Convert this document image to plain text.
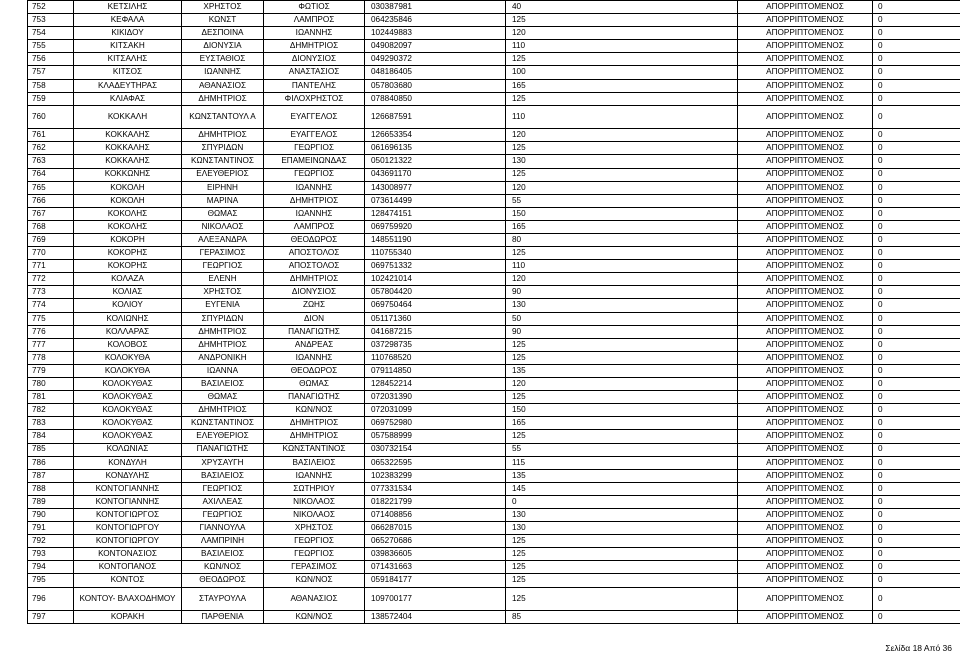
752	ΚΕΤΣΙΛΗΣ	ΧΡΗΣΤΟΣ	ΦΩΤΙΟΣ	030387981	40	ΑΠΟΡΡΙΠΤΟΜΕΝΟΣ	0
753	ΚΕΦΑΛΑ	ΚΩΝΣΤ	ΛΑΜΠΡΟΣ	064235846	125	ΑΠΟΡΡΙΠΤΟΜΕΝΟΣ	0
754	ΚΙΚΙΔΟΥ	ΔΕΣΠΟΙΝΑ	ΙΩΑΝΝΗΣ	102449883	120	ΑΠΟΡΡΙΠΤΟΜΕΝΟΣ	0
755	ΚΙΤΣΑΚΗ	ΔΙΟΝΥΣΙΑ	ΔΗΜΗΤΡΙΟΣ	049082097	110	ΑΠΟΡΡΙΠΤΟΜΕΝΟΣ	0
756	ΚΙΤΣΑΛΗΣ	ΕΥΣΤΑΘΙΟΣ	ΔΙΟΝΥΣΙΟΣ	049290372	125	ΑΠΟΡΡΙΠΤΟΜΕΝΟΣ	0
757	ΚΙΤΣΟΣ	ΙΩΑΝΝΗΣ	ΑΝΑΣΤΑΣΙΟΣ	048186405	100	ΑΠΟΡΡΙΠΤΟΜΕΝΟΣ	0
758	ΚΛΑΔΕΥΤΗΡΑΣ	ΑΘΑΝΑΣΙΟΣ	ΠΑΝΤΕΛΗΣ	057803680	165	ΑΠΟΡΡΙΠΤΟΜΕΝΟΣ	0
759	ΚΛΙΑΦΑΣ	ΔΗΜΗΤΡΙΟΣ	ΦΙΛΟΧΡΗΣΤΟΣ	078840850	125	ΑΠΟΡΡΙΠΤΟΜΕΝΟΣ	0
760	ΚΟΚΚΑΛΗ	ΚΩΝΣΤΑΝΤΟΥΛ Α	ΕΥΑΓΓΕΛΟΣ	126687591	110	ΑΠΟΡΡΙΠΤΟΜΕΝΟΣ	0
761	ΚΟΚΚΑΛΗΣ	ΔΗΜΗΤΡΙΟΣ	ΕΥΑΓΓΕΛΟΣ	126653354	120	ΑΠΟΡΡΙΠΤΟΜΕΝΟΣ	0
762	ΚΟΚΚΑΛΗΣ	ΣΠΥΡΙΔΩΝ	ΓΕΩΡΓΙΟΣ	061696135	125	ΑΠΟΡΡΙΠΤΟΜΕΝΟΣ	0
763	ΚΟΚΚΑΛΗΣ	ΚΩΝΣΤΑΝΤΙΝΟΣ	ΕΠΑΜΕΙΝΩΝΔΑΣ	050121322	130	ΑΠΟΡΡΙΠΤΟΜΕΝΟΣ	0
764	ΚΟΚΚΩΝΗΣ	ΕΛΕΥΘΕΡΙΟΣ	ΓΕΩΡΓΙΟΣ	043691170	125	ΑΠΟΡΡΙΠΤΟΜΕΝΟΣ	0
765	ΚΟΚΟΛΗ	ΕΙΡΗΝΗ	ΙΩΑΝΝΗΣ	143008977	120	ΑΠΟΡΡΙΠΤΟΜΕΝΟΣ	0
766	ΚΟΚΟΛΗ	ΜΑΡΙΝΑ	ΔΗΜΗΤΡΙΟΣ	073614499	55	ΑΠΟΡΡΙΠΤΟΜΕΝΟΣ	0
767	ΚΟΚΟΛΗΣ	ΘΩΜΑΣ	ΙΩΑΝΝΗΣ	128474151	150	ΑΠΟΡΡΙΠΤΟΜΕΝΟΣ	0
768	ΚΟΚΟΛΗΣ	ΝΙΚΟΛΑΟΣ	ΛΑΜΠΡΟΣ	069759920	165	ΑΠΟΡΡΙΠΤΟΜΕΝΟΣ	0
769	ΚΟΚΟΡΗ	ΑΛΕΞΑΝΔΡΑ	ΘΕΟΔΩΡΟΣ	148551190	80	ΑΠΟΡΡΙΠΤΟΜΕΝΟΣ	0
770	ΚΟΚΟΡΗΣ	ΓΕΡΑΣΙΜΟΣ	ΑΠΟΣΤΟΛΟΣ	110755340	125	ΑΠΟΡΡΙΠΤΟΜΕΝΟΣ	0
771	ΚΟΚΟΡΗΣ	ΓΕΩΡΓΙΟΣ	ΑΠΟΣΤΟΛΟΣ	069751332	110	ΑΠΟΡΡΙΠΤΟΜΕΝΟΣ	0
772	ΚΟΛΑΖΑ	ΕΛΕΝΗ	ΔΗΜΗΤΡΙΟΣ	102421014	120	ΑΠΟΡΡΙΠΤΟΜΕΝΟΣ	0
773	ΚΟΛΙΑΣ	ΧΡΗΣΤΟΣ	ΔΙΟΝΥΣΙΟΣ	057804420	90	ΑΠΟΡΡΙΠΤΟΜΕΝΟΣ	0
774	ΚΟΛΙΟΥ	ΕΥΓΕΝΙΑ	ΖΩΗΣ	069750464	130	ΑΠΟΡΡΙΠΤΟΜΕΝΟΣ	0
775	ΚΟΛΙΩΝΗΣ	ΣΠΥΡΙΔΩΝ	ΔΙΟΝ	051171360	50	ΑΠΟΡΡΙΠΤΟΜΕΝΟΣ	0
776	ΚΟΛΛΑΡΑΣ	ΔΗΜΗΤΡΙΟΣ	ΠΑΝΑΓΙΩΤΗΣ	041687215	90	ΑΠΟΡΡΙΠΤΟΜΕΝΟΣ	0
777	ΚΟΛΟΒΟΣ	ΔΗΜΗΤΡΙΟΣ	ΑΝΔΡΕΑΣ	037298735	125	ΑΠΟΡΡΙΠΤΟΜΕΝΟΣ	0
778	ΚΟΛΟΚΥΘΑ	ΑΝΔΡΟΝΙΚΗ	ΙΩΑΝΝΗΣ	110768520	125	ΑΠΟΡΡΙΠΤΟΜΕΝΟΣ	0
779	ΚΟΛΟΚΥΘΑ	ΙΩΑΝΝΑ	ΘΕΟΔΩΡΟΣ	079114850	135	ΑΠΟΡΡΙΠΤΟΜΕΝΟΣ	0
780	ΚΟΛΟΚΥΘΑΣ	ΒΑΣΙΛΕΙΟΣ	ΘΩΜΑΣ	128452214	120	ΑΠΟΡΡΙΠΤΟΜΕΝΟΣ	0
781	ΚΟΛΟΚΥΘΑΣ	ΘΩΜΑΣ	ΠΑΝΑΓΙΩΤΗΣ	072031390	125	ΑΠΟΡΡΙΠΤΟΜΕΝΟΣ	0
782	ΚΟΛΟΚΥΘΑΣ	ΔΗΜΗΤΡΙΟΣ	ΚΩΝ/ΝΟΣ	072031099	150	ΑΠΟΡΡΙΠΤΟΜΕΝΟΣ	0
783	ΚΟΛΟΚΥΘΑΣ	ΚΩΝΣΤΑΝΤΙΝΟΣ	ΔΗΜΗΤΡΙΟΣ	069752980	165	ΑΠΟΡΡΙΠΤΟΜΕΝΟΣ	0
784	ΚΟΛΟΚΥΘΑΣ	ΕΛΕΥΘΕΡΙΟΣ	ΔΗΜΗΤΡΙΟΣ	057588999	125	ΑΠΟΡΡΙΠΤΟΜΕΝΟΣ	0
785	ΚΟΛΩΝΙΑΣ	ΠΑΝΑΓΙΩΤΗΣ	ΚΩΝΣΤΑΝΤΙΝΟΣ	030732154	55	ΑΠΟΡΡΙΠΤΟΜΕΝΟΣ	0
786	ΚΟΝΔΥΛΗ	ΧΡΥΣΑΥΓΗ	ΒΑΣΙΛΕΙΟΣ	065322595	115	ΑΠΟΡΡΙΠΤΟΜΕΝΟΣ	0
787	ΚΟΝΔΥΛΗΣ	ΒΑΣΙΛΕΙΟΣ	ΙΩΑΝΝΗΣ	102383299	135	ΑΠΟΡΡΙΠΤΟΜΕΝΟΣ	0
788	ΚΟΝΤΟΓΙΑΝΝΗΣ	ΓΕΩΡΓΙΟΣ	ΣΩΤΗΡΙΟΥ	077331534	145	ΑΠΟΡΡΙΠΤΟΜΕΝΟΣ	0
789	ΚΟΝΤΟΓΙΑΝΝΗΣ	ΑΧΙΛΛΕΑΣ	ΝΙΚΟΛΑΟΣ	018221799	0	ΑΠΟΡΡΙΠΤΟΜΕΝΟΣ	0
790	ΚΟΝΤΟΓΙΩΡΓΟΣ	ΓΕΩΡΓΙΟΣ	ΝΙΚΟΛΑΟΣ	071408856	130	ΑΠΟΡΡΙΠΤΟΜΕΝΟΣ	0
791	ΚΟΝΤΟΓΙΩΡΓΟΥ	ΓΙΑΝΝΟΥΛΑ	ΧΡΗΣΤΟΣ	066287015	130	ΑΠΟΡΡΙΠΤΟΜΕΝΟΣ	0
792	ΚΟΝΤΟΓΙΩΡΓΟΥ	ΛΑΜΠΡΙΝΗ	ΓΕΩΡΓΙΟΣ	065270686	125	ΑΠΟΡΡΙΠΤΟΜΕΝΟΣ	0
793	ΚΟΝΤΟΝΑΣΙΟΣ	ΒΑΣΙΛΕΙΟΣ	ΓΕΩΡΓΙΟΣ	039836605	125	ΑΠΟΡΡΙΠΤΟΜΕΝΟΣ	0
794	ΚΟΝΤΟΠΑΝΟΣ	ΚΩΝ/ΝΟΣ	ΓΕΡΑΣΙΜΟΣ	071431663	125	ΑΠΟΡΡΙΠΤΟΜΕΝΟΣ	0
795	ΚΟΝΤΟΣ	ΘΕΟΔΩΡΟΣ	ΚΩΝ/ΝΟΣ	059184177	125	ΑΠΟΡΡΙΠΤΟΜΕΝΟΣ	0
796	ΚΟΝΤΟΥ- ΒΛΑΧΟΔΗΜΟΥ	ΣΤΑΥΡΟΥΛΑ	ΑΘΑΝΑΣΙΟΣ	109700177	125	ΑΠΟΡΡΙΠΤΟΜΕΝΟΣ	0
797	ΚΟΡΑΚΗ	ΠΑΡΘΕΝΙΑ	ΚΩΝ/ΝΟΣ	138572404	85	ΑΠΟΡΡΙΠΤΟΜΕΝΟΣ	0
Σελίδα 18 Από 36
